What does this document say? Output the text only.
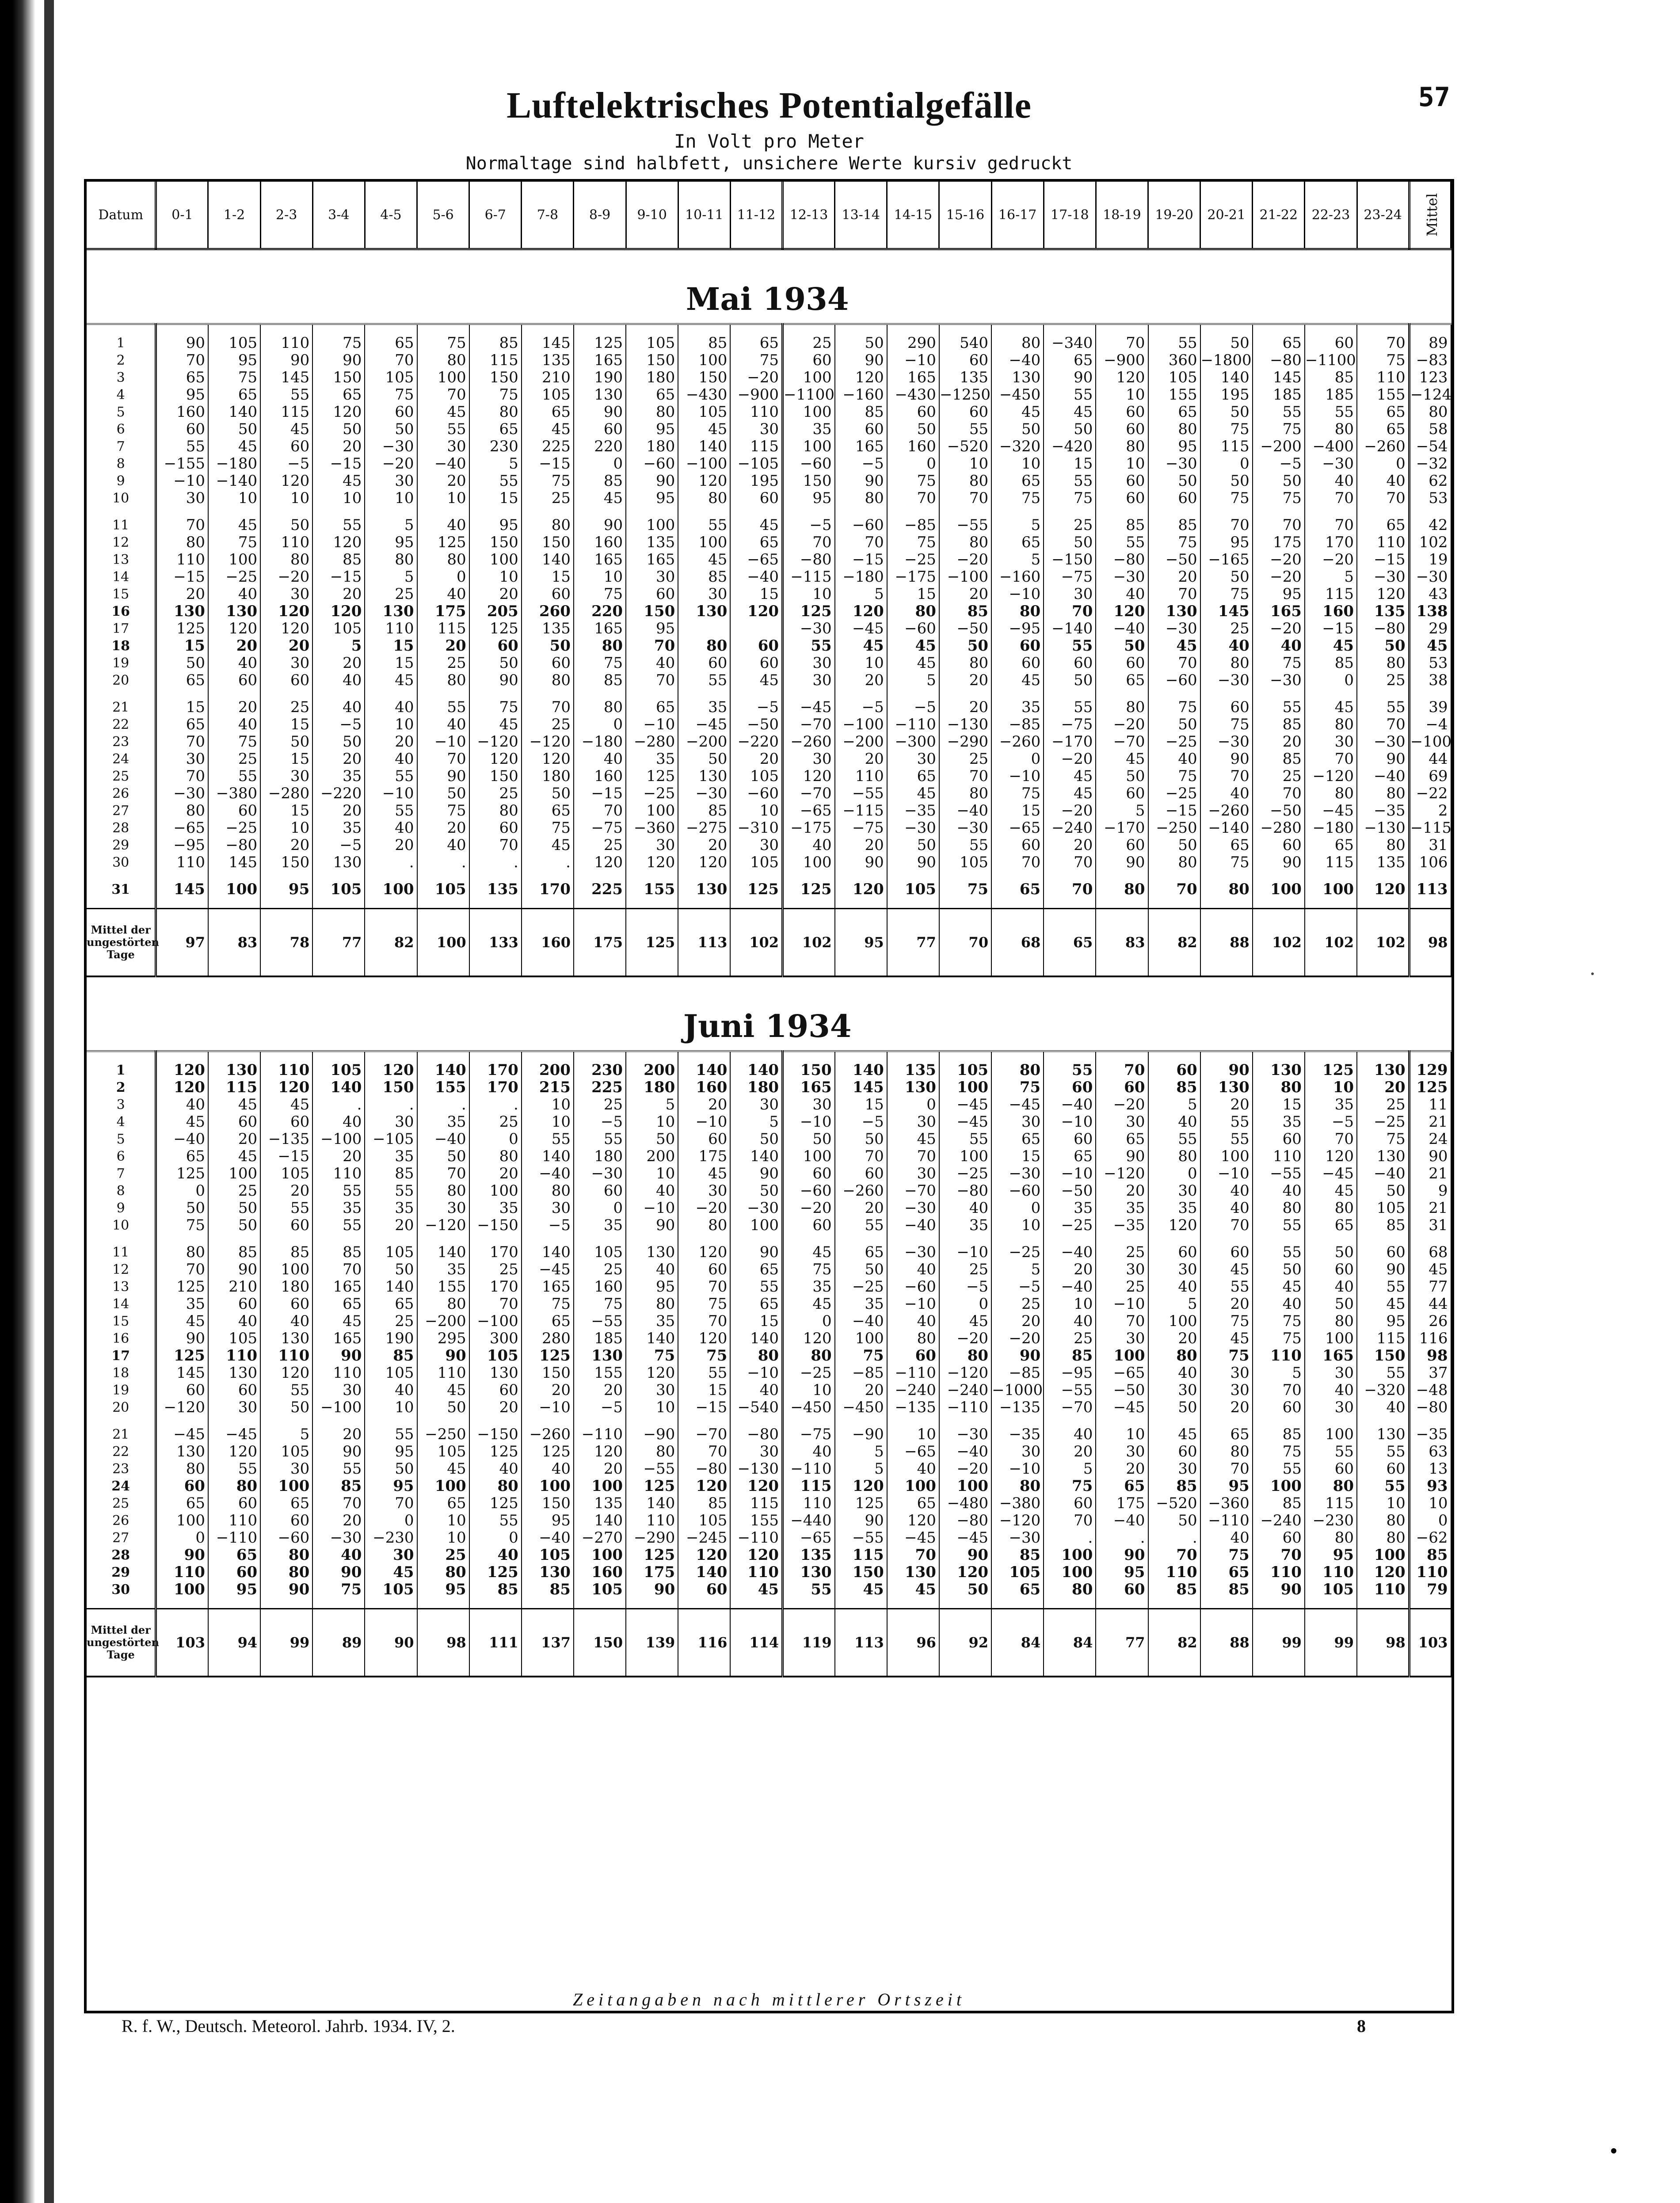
57
Luftelektrisches Potentialgefälle
In Volt pro Meter
Normaltage sind halbfett, unsichere Werte kursiv gedruckt
Datum	0-1	1-2	2-3	3-4	4-5	5-6	6-7	7-8	8-9	9-10	10-11	11-12	12-13	13-14	14-15	15-16	16-17	17-18	18-19	19-20	20-21	21-22	22-23	23-24	Mittel
Mai 1934																									

1	90	105	110	75	65	75	85	145	125	105	85	65	25	50	290	540	80	−340	70	55	50	65	60	70	89
2	70	95	90	90	70	80	115	135	165	150	100	75	60	90	−10	60	−40	65	−900	360	−1800	−80	−1100	75	−83
3	65	75	145	150	105	100	150	210	190	180	150	−20	100	120	165	135	130	90	120	105	140	145	85	110	123
4	95	65	55	65	75	70	75	105	130	65	−430	−900	−1100	−160	−430	−1250	−450	55	10	155	195	185	185	155	−124
5	160	140	115	120	60	45	80	65	90	80	105	110	100	85	60	60	45	45	60	65	50	55	55	65	80
6	60	50	45	50	50	55	65	45	60	95	45	30	35	60	50	55	50	50	60	80	75	75	80	65	58
7	55	45	60	20	−30	30	230	225	220	180	140	115	100	165	160	−520	−320	−420	80	95	115	−200	−400	−260	−54
8	−155	−180	−5	−15	−20	−40	5	−15	0	−60	−100	−105	−60	−5	0	10	10	15	10	−30	0	−5	−30	0	−32
9	−10	−140	120	45	30	20	55	75	85	90	120	195	150	90	75	80	65	55	60	50	50	50	40	40	62
10	30	10	10	10	10	10	15	25	45	95	80	60	95	80	70	70	75	75	60	60	75	75	70	70	53

11	70	45	50	55	5	40	95	80	90	100	55	45	−5	−60	−85	−55	5	25	85	85	70	70	70	65	42
12	80	75	110	120	95	125	150	150	160	135	100	65	70	70	75	80	65	50	55	75	95	175	170	110	102
13	110	100	80	85	80	80	100	140	165	165	45	−65	−80	−15	−25	−20	5	−150	−80	−50	−165	−20	−20	−15	19
14	−15	−25	−20	−15	5	0	10	15	10	30	85	−40	−115	−180	−175	−100	−160	−75	−30	20	50	−20	5	−30	−30
15	20	40	30	20	25	40	20	60	75	60	30	15	10	5	15	20	−10	30	40	70	75	95	115	120	43
16	130	130	120	120	130	175	205	260	220	150	130	120	125	120	80	85	80	70	120	130	145	165	160	135	138
17	125	120	120	105	110	115	125	135	165	95			−30	−45	−60	−50	−95	−140	−40	−30	25	−20	−15	−80	29
18	15	20	20	5	15	20	60	50	80	70	80	60	55	45	45	50	60	55	50	45	40	40	45	50	45
19	50	40	30	20	15	25	50	60	75	40	60	60	30	10	45	80	60	60	60	70	80	75	85	80	53
20	65	60	60	40	45	80	90	80	85	70	55	45	30	20	5	20	45	50	65	−60	−30	−30	0	25	38

21	15	20	25	40	40	55	75	70	80	65	35	−5	−45	−5	−5	20	35	55	80	75	60	55	45	55	39
22	65	40	15	−5	10	40	45	25	0	−10	−45	−50	−70	−100	−110	−130	−85	−75	−20	50	75	85	80	70	−4
23	70	75	50	50	20	−10	−120	−120	−180	−280	−200	−220	−260	−200	−300	−290	−260	−170	−70	−25	−30	20	30	−30	−100
24	30	25	15	20	40	70	120	120	40	35	50	20	30	20	30	25	0	−20	45	40	90	85	70	90	44
25	70	55	30	35	55	90	150	180	160	125	130	105	120	110	65	70	−10	45	50	75	70	25	−120	−40	69
26	−30	−380	−280	−220	−10	50	25	50	−15	−25	−30	−60	−70	−55	45	80	75	45	60	−25	40	70	80	80	−22
27	80	60	15	20	55	75	80	65	70	100	85	10	−65	−115	−35	−40	15	−20	5	−15	−260	−50	−45	−35	2
28	−65	−25	10	35	40	20	60	75	−75	−360	−275	−310	−175	−75	−30	−30	−65	−240	−170	−250	−140	−280	−180	−130	−115
29	−95	−80	20	−5	20	40	70	45	25	30	20	30	40	20	50	55	60	20	60	50	65	60	65	80	31
30	110	145	150	130	.	.	.	.	120	120	120	105	100	90	90	105	70	70	90	80	75	90	115	135	106

31	145	100	95	105	100	105	135	170	225	155	130	125	125	120	105	75	65	70	80	70	80	100	100	120	113

Mittel der ungestörten Tage	97	83	78	77	82	100	133	160	175	125	113	102	102	95	77	70	68	65	83	82	88	102	102	102	98
Juni 1934																									

1	120	130	110	105	120	140	170	200	230	200	140	140	150	140	135	105	80	55	70	60	90	130	125	130	129
2	120	115	120	140	150	155	170	215	225	180	160	180	165	145	130	100	75	60	60	85	130	80	10	20	125
3	40	45	45	.	.	.	.	10	25	5	20	30	30	15	0	−45	−45	−40	−20	5	20	15	35	25	11
4	45	60	60	40	30	35	25	10	−5	10	−10	5	−10	−5	30	−45	30	−10	30	40	55	35	−5	−25	21
5	−40	20	−135	−100	−105	−40	0	55	55	50	60	50	50	50	45	55	65	60	65	55	55	60	70	75	24
6	65	45	−15	20	35	50	80	140	180	200	175	140	100	70	70	100	15	65	90	80	100	110	120	130	90
7	125	100	105	110	85	70	20	−40	−30	10	45	90	60	60	30	−25	−30	−10	−120	0	−10	−55	−45	−40	21
8	0	25	20	55	55	80	100	80	60	40	30	50	−60	−260	−70	−80	−60	−50	20	30	40	40	45	50	9
9	50	50	55	35	35	30	35	30	0	−10	−20	−30	−20	20	−30	40	0	35	35	35	40	80	80	105	21
10	75	50	60	55	20	−120	−150	−5	35	90	80	100	60	55	−40	35	10	−25	−35	120	70	55	65	85	31

11	80	85	85	85	105	140	170	140	105	130	120	90	45	65	−30	−10	−25	−40	25	60	60	55	50	60	68
12	70	90	100	70	50	35	25	−45	25	40	60	65	75	50	40	25	5	20	30	30	45	50	60	90	45
13	125	210	180	165	140	155	170	165	160	95	70	55	35	−25	−60	−5	−5	−40	25	40	55	45	40	55	77
14	35	60	60	65	65	80	70	75	75	80	75	65	45	35	−10	0	25	10	−10	5	20	40	50	45	44
15	45	40	40	45	25	−200	−100	65	−55	35	70	15	0	−40	40	45	20	40	70	100	75	75	80	95	26
16	90	105	130	165	190	295	300	280	185	140	120	140	120	100	80	−20	−20	25	30	20	45	75	100	115	116
17	125	110	110	90	85	90	105	125	130	75	75	80	80	75	60	80	90	85	100	80	75	110	165	150	98
18	145	130	120	110	105	110	130	150	155	120	55	−10	−25	−85	−110	−120	−85	−95	−65	40	30	5	30	55	37
19	60	60	55	30	40	45	60	20	20	30	15	40	10	20	−240	−240	−1000	−55	−50	30	30	70	40	−320	−48
20	−120	30	50	−100	10	50	20	−10	−5	10	−15	−540	−450	−450	−135	−110	−135	−70	−45	50	20	60	30	40	−80

21	−45	−45	5	20	55	−250	−150	−260	−110	−90	−70	−80	−75	−90	10	−30	−35	40	10	45	65	85	100	130	−35
22	130	120	105	90	95	105	125	125	120	80	70	30	40	5	−65	−40	30	20	30	60	80	75	55	55	63
23	80	55	30	55	50	45	40	40	20	−55	−80	−130	−110	5	40	−20	−10	5	20	30	70	55	60	60	13
24	60	80	100	85	95	100	80	100	100	125	120	120	115	120	100	100	80	75	65	85	95	100	80	55	93
25	65	60	65	70	70	65	125	150	135	140	85	115	110	125	65	−480	−380	60	175	−520	−360	85	115	10	10
26	100	110	60	20	0	10	55	95	140	110	105	155	−440	90	120	−80	−120	70	−40	50	−110	−240	−230	80	0
27	0	−110	−60	−30	−230	10	0	−40	−270	−290	−245	−110	−65	−55	−45	−45	−30	.	.	.	40	60	80	80	−62
28	90	65	80	40	30	25	40	105	100	125	120	120	135	115	70	90	85	100	90	70	75	70	95	100	85
29	110	60	80	90	45	80	125	130	160	175	140	110	130	150	130	120	105	100	95	110	65	110	110	120	110
30	100	95	90	75	105	95	85	85	105	90	60	45	55	45	45	50	65	80	60	85	85	90	105	110	79

Mittel der ungestörten Tage	103	94	99	89	90	98	111	137	150	139	116	114	119	113	96	92	84	84	77	82	88	99	99	98	103
Zeitangaben nach mittlerer Ortszeit
R. f. W., Deutsch. Meteorol. Jahrb. 1934. IV, 2.	8
